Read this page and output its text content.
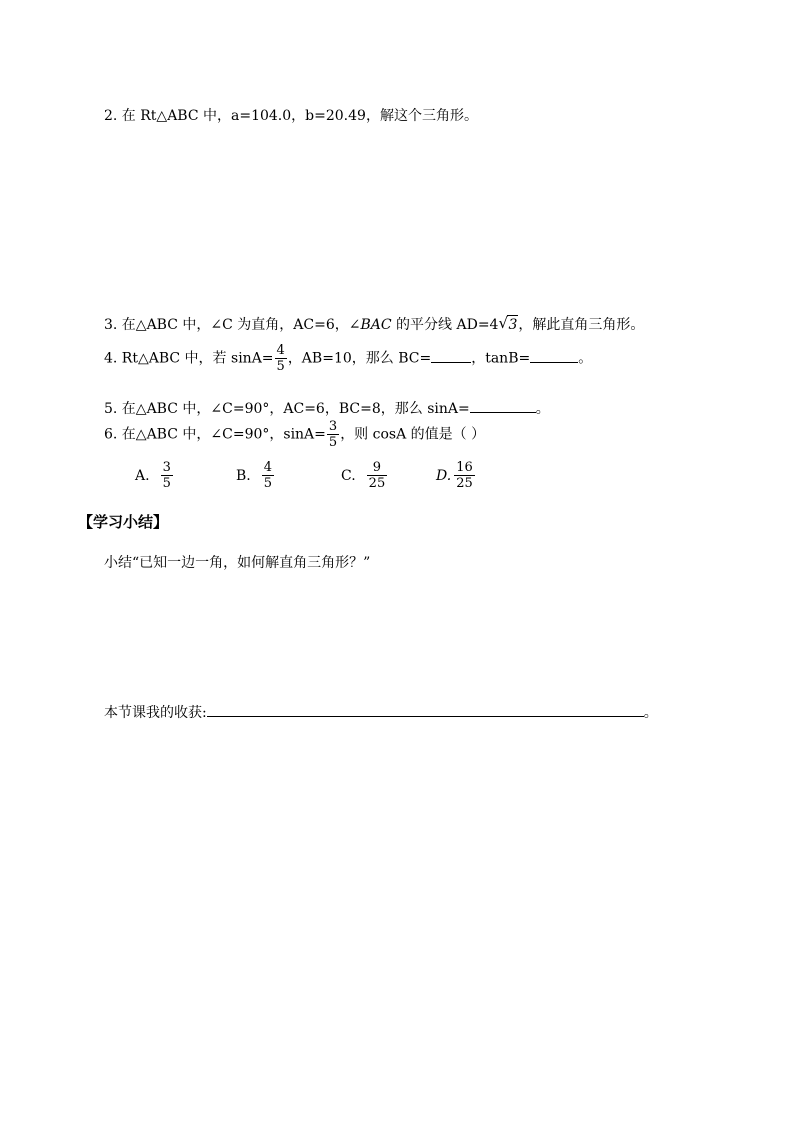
2. 在 Rt△ABC 中，a=104.0，b=20.49，解这个三角形。
3. 在△ABC 中，∠C 为直角，AC=6，∠BAC 的平分线 AD=4 √ 3，解此直角三角形。
4. Rt△ABC 中，若 $\sin A= \frac{4}{5}$ ，AB=10，那么 BC=	，tanB=	。
5. 在△ABC 中，∠C=90°，AC=6，BC=8，那么 sinA=	。
6. 在△ABC 中，∠C=90°，$\sin A= \frac{3}{5}$ ，则 cosA 的值是（ ）
A. $\frac{3}{5}$	B. $\frac{4}{5}$	C. $\frac{9}{25}$	D. $\frac{16}{25}$
【学习小结】
小结“已知一边一角，如何解直角三角形？”
本节课我的收获:	。
